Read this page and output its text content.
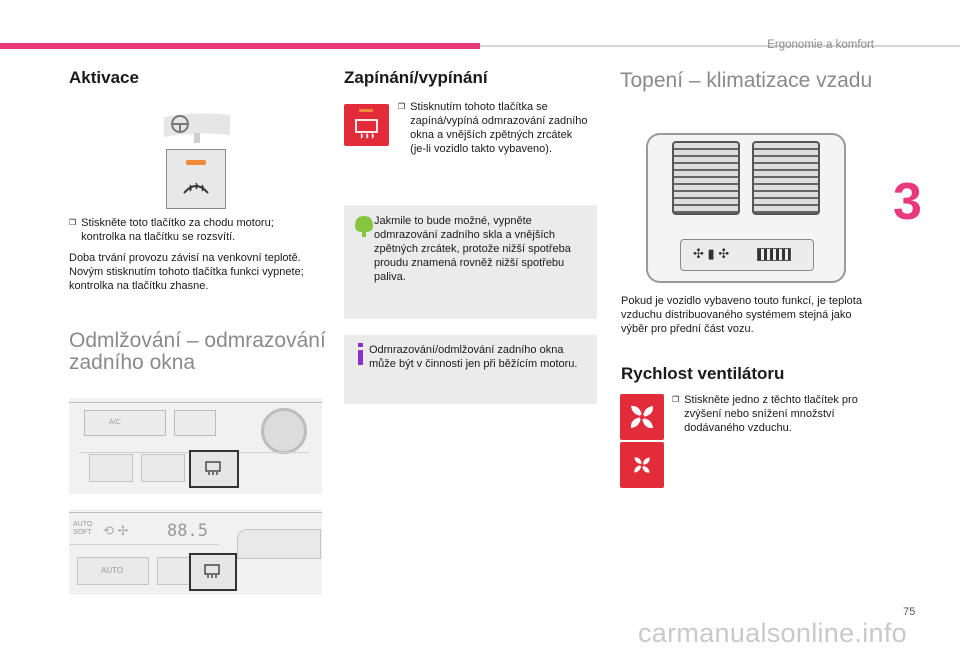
Ergonomie a komfort
3
Aktivace
❒ Stiskněte toto tlačítko za chodu motoru; kontrolka na tlačítku se rozsvítí.
Doba trvání provozu závisí na venkovní teplotě. Novým stisknutím tohoto tlačítka funkci vypnete; kontrolka na tlačítku zhasne.
Odmlžování – odmrazování zadního okna
A/C
AUTO
SOFT ⟲ ✢ 88.5
AUTO
Zapínání/vypínání
❒ Stisknutím tohoto tlačítka se zapíná/vypíná odmrazování zadního okna a vnějších zpětných zrcátek (je-li vozidlo takto vybaveno).
Jakmile to bude možné, vypněte odmrazování zadního skla a vnějších zpětných zrcátek, protože nižší spotřeba proudu znamená rovněž nižší spotřebu paliva.
Odmrazování/odmlžování zadního okna může být v činnosti jen při běžícím motoru.
Topení – klimatizace vzadu
✣ ▮ ✣
Pokud je vozidlo vybaveno touto funkcí, je teplota vzduchu distribuovaného systémem stejná jako výběr pro přední část vozu.
Rychlost ventilátoru
❒ Stiskněte jedno z těchto tlačítek pro zvýšení nebo snížení množství dodávaného vzduchu.
75
carmanualsonline.info
